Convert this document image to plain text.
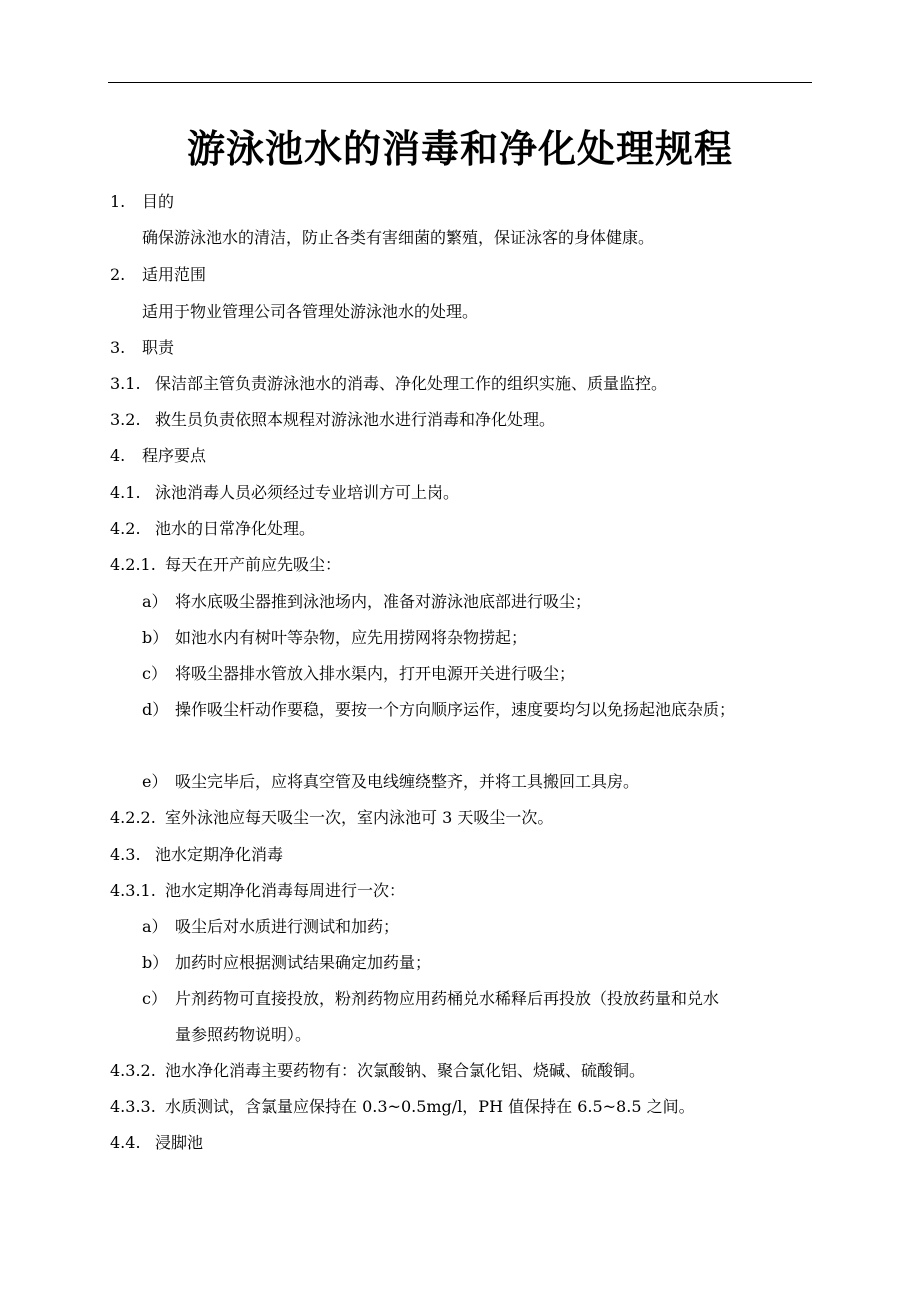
游泳池水的消毒和净化处理规程
1. 目的
确保游泳池水的清洁，防止各类有害细菌的繁殖，保证泳客的身体健康。
2. 适用范围
适用于物业管理公司各管理处游泳池水的处理。
3. 职责
3.1. 保洁部主管负责游泳池水的消毒、净化处理工作的组织实施、质量监控。
3.2. 救生员负责依照本规程对游泳池水进行消毒和净化处理。
4. 程序要点
4.1. 泳池消毒人员必须经过专业培训方可上岗。
4.2. 池水的日常净化处理。
4.2.1. 每天在开产前应先吸尘：
a） 将水底吸尘器推到泳池场内，准备对游泳池底部进行吸尘；
b） 如池水内有树叶等杂物，应先用捞网将杂物捞起；
c） 将吸尘器排水管放入排水渠内，打开电源开关进行吸尘；
d） 操作吸尘杆动作要稳，要按一个方向顺序运作，速度要均匀以免扬起池底杂质；
e） 吸尘完毕后，应将真空管及电线缠绕整齐，并将工具搬回工具房。
4.2.2. 室外泳池应每天吸尘一次，室内泳池可 3 天吸尘一次。
4.3. 池水定期净化消毒
4.3.1. 池水定期净化消毒每周进行一次：
a） 吸尘后对水质进行测试和加药；
b） 加药时应根据测试结果确定加药量；
c） 片剂药物可直接投放，粉剂药物应用药桶兑水稀释后再投放（投放药量和兑水
量参照药物说明）。
4.3.2. 池水净化消毒主要药物有：次氯酸钠、聚合氯化铝、烧碱、硫酸铜。
4.3.3. 水质测试，含氯量应保持在 0.3~0.5mg/l，PH 值保持在 6.5~8.5 之间。
4.4. 浸脚池
